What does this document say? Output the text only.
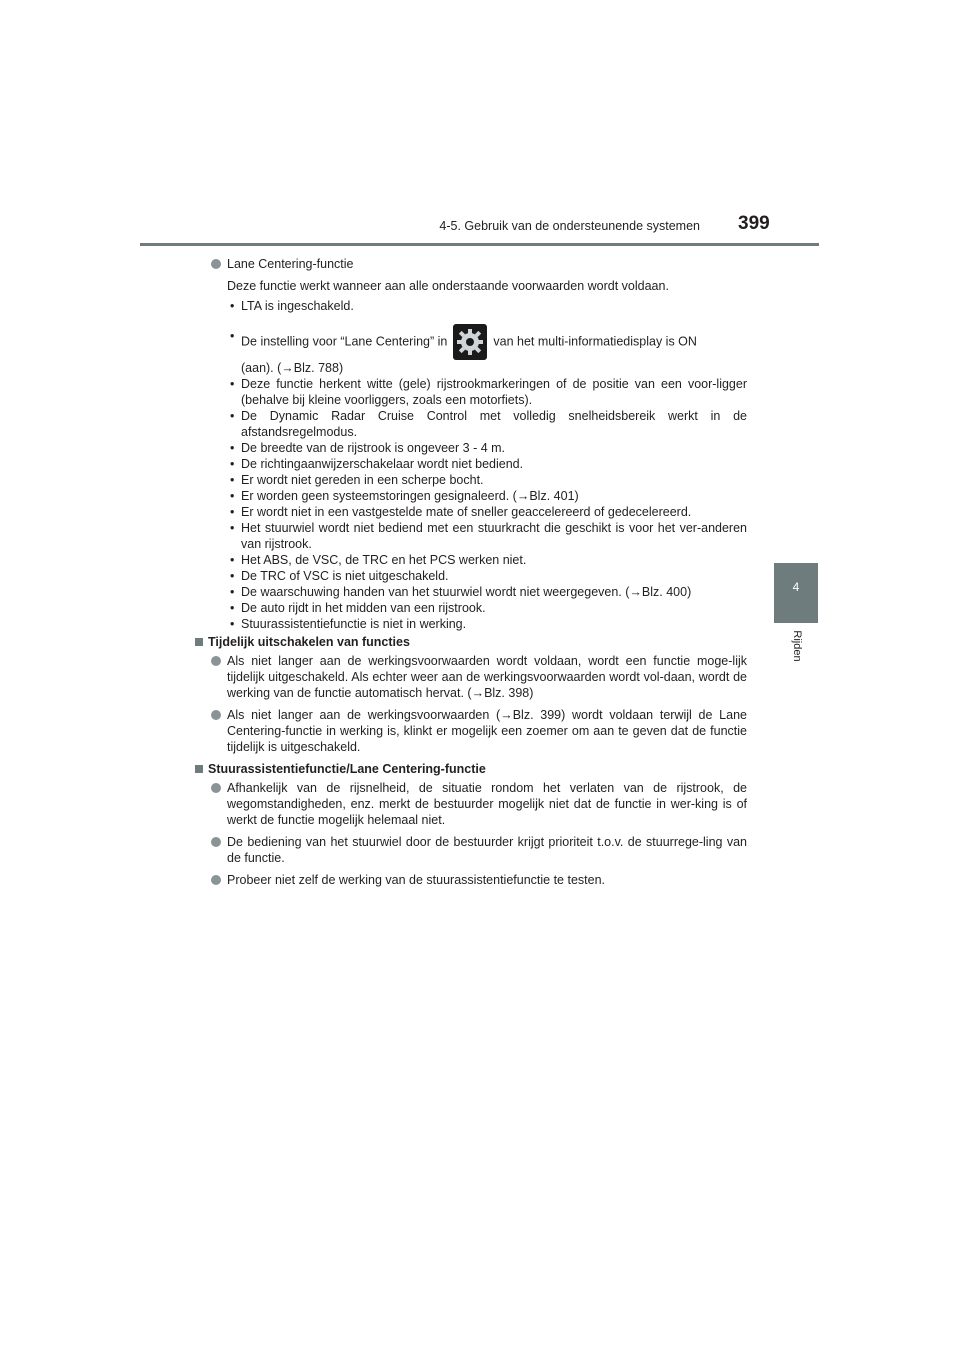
4-5. Gebruik van de ondersteunende systemen 399
4
Rijden
Lane Centering-functie
Deze functie werkt wanneer aan alle onderstaande voorwaarden wordt voldaan.
• LTA is ingeschakeld.
• De instelling voor “Lane Centering” in	van het multi-informatiedisplay is ON
(aan). (→Blz. 788)
• Deze functie herkent witte (gele) rijstrookmarkeringen of de positie van een voor-ligger (behalve bij kleine voorliggers, zoals een motorfiets).
• De Dynamic Radar Cruise Control met volledig snelheidsbereik werkt in de afstandsregelmodus.
• De breedte van de rijstrook is ongeveer 3 - 4 m.
• De richtingaanwijzerschakelaar wordt niet bediend.
• Er wordt niet gereden in een scherpe bocht.
• Er worden geen systeemstoringen gesignaleerd. (→Blz. 401)
• Er wordt niet in een vastgestelde mate of sneller geaccelereerd of gedecelereerd.
• Het stuurwiel wordt niet bediend met een stuurkracht die geschikt is voor het ver-anderen van rijstrook.
• Het ABS, de VSC, de TRC en het PCS werken niet.
• De TRC of VSC is niet uitgeschakeld.
• De waarschuwing handen van het stuurwiel wordt niet weergegeven. (→Blz. 400)
• De auto rijdt in het midden van een rijstrook.
• Stuurassistentiefunctie is niet in werking.
Tijdelijk uitschakelen van functies
Als niet langer aan de werkingsvoorwaarden wordt voldaan, wordt een functie moge-lijk tijdelijk uitgeschakeld. Als echter weer aan de werkingsvoorwaarden wordt vol-daan, wordt de werking van de functie automatisch hervat. (→Blz. 398)
Als niet langer aan de werkingsvoorwaarden (→Blz. 399) wordt voldaan terwijl de Lane Centering-functie in werking is, klinkt er mogelijk een zoemer om aan te geven dat de functie tijdelijk is uitgeschakeld.
Stuurassistentiefunctie/Lane Centering-functie
Afhankelijk van de rijsnelheid, de situatie rondom het verlaten van de rijstrook, de wegomstandigheden, enz. merkt de bestuurder mogelijk niet dat de functie in wer-king is of werkt de functie mogelijk helemaal niet.
De bediening van het stuurwiel door de bestuurder krijgt prioriteit t.o.v. de stuurrege-ling van de functie.
Probeer niet zelf de werking van de stuurassistentiefunctie te testen.
